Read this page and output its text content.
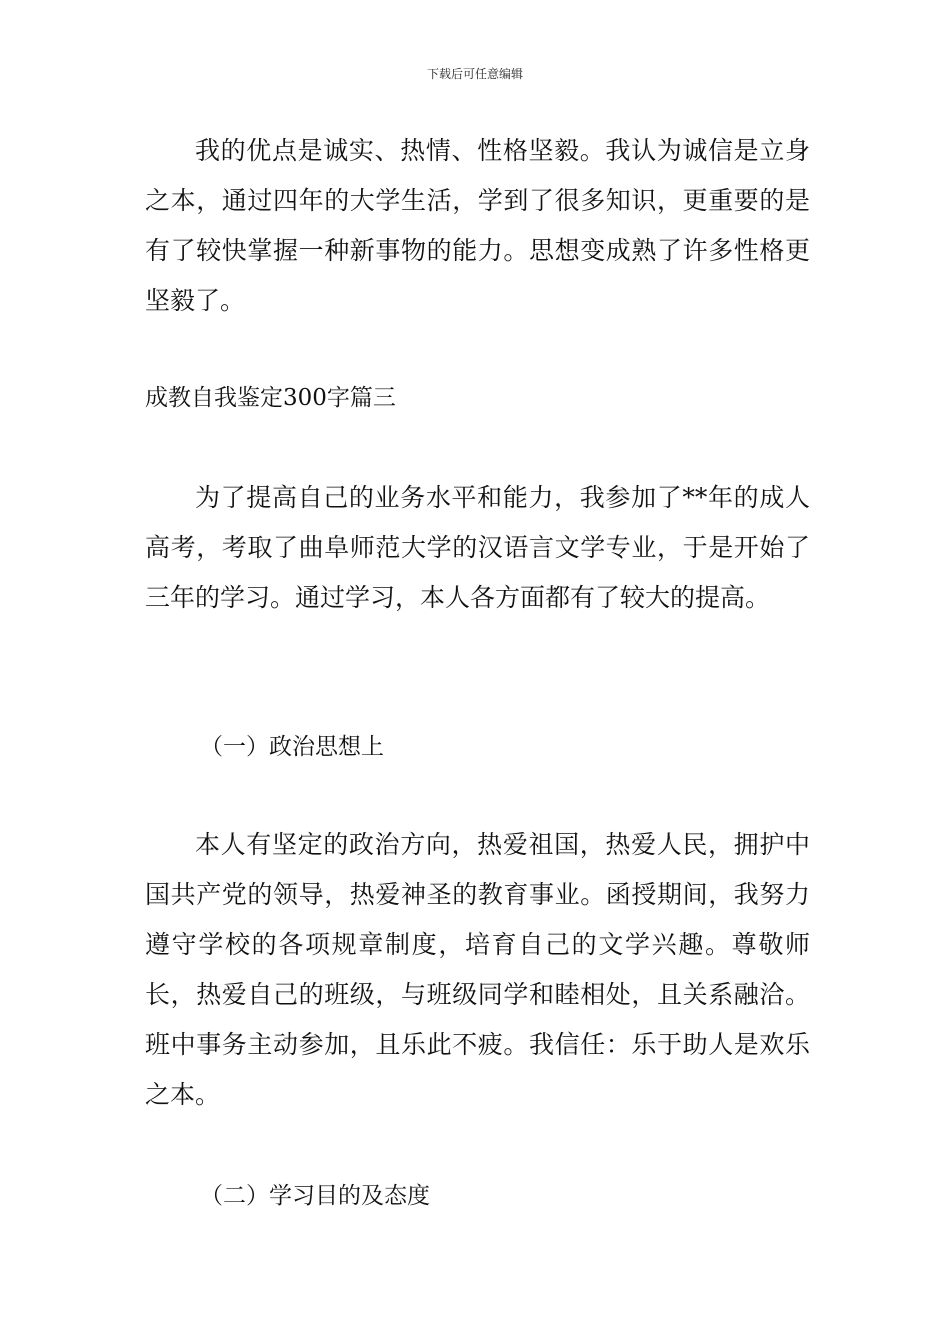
下载后可任意编辑

我的优点是诚实、热情、性格坚毅。我认为诚信是立身之本，通过四年的大学生活，学到了很多知识，更重要的是有了较快掌握一种新事物的能力。思想变成熟了许多性格更坚毅了。

成教自我鉴定300字篇三

为了提高自己的业务水平和能力，我参加了**年的成人高考，考取了曲阜师范大学的汉语言文学专业，于是开始了三年的学习。通过学习，本人各方面都有了较大的提高。

（一）政治思想上

本人有坚定的政治方向，热爱祖国，热爱人民，拥护中国共产党的领导，热爱神圣的教育事业。函授期间，我努力遵守学校的各项规章制度，培育自己的文学兴趣。尊敬师长，热爱自己的班级，与班级同学和睦相处，且关系融洽。班中事务主动参加，且乐此不疲。我信任：乐于助人是欢乐之本。

（二）学习目的及态度
